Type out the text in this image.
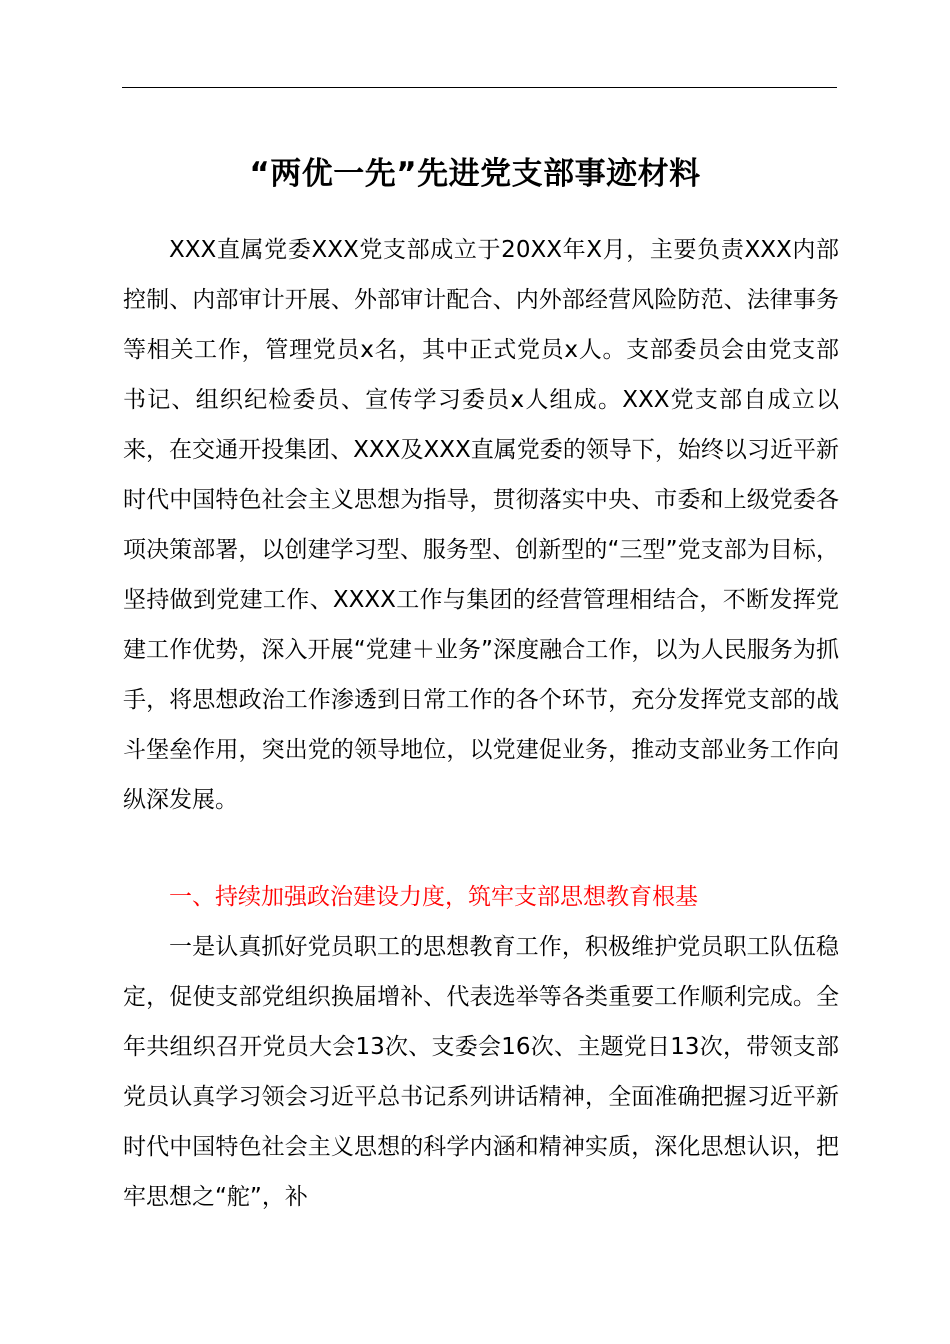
“两优一先”先进党支部事迹材料

XXX直属党委XXX党支部成立于20XX年X月，主要负责XXX内部控制、内部审计开展、外部审计配合、内外部经营风险防范、法律事务等相关工作，管理党员x名，其中正式党员x人。支部委员会由党支部书记、组织纪检委员、宣传学习委员x人组成。XXX党支部自成立以来，在交通开投集团、XXX及XXX直属党委的领导下，始终以习近平新时代中国特色社会主义思想为指导，贯彻落实中央、市委和上级党委各项决策部署，以创建学习型、服务型、创新型的“三型”党支部为目标，坚持做到党建工作、XXXX工作与集团的经营管理相结合，不断发挥党建工作优势，深入开展“党建＋业务”深度融合工作，以为人民服务为抓手，将思想政治工作渗透到日常工作的各个环节，充分发挥党支部的战斗堡垒作用，突出党的领导地位，以党建促业务，推动支部业务工作向纵深发展。

一、持续加强政治建设力度，筑牢支部思想教育根基

一是认真抓好党员职工的思想教育工作，积极维护党员职工队伍稳定，促使支部党组织换届增补、代表选举等各类重要工作顺利完成。全年共组织召开党员大会13次、支委会16次、主题党日13次，带领支部党员认真学习领会习近平总书记系列讲话精神，全面准确把握习近平新时代中国特色社会主义思想的科学内涵和精神实质，深化思想认识，把牢思想之“舵”，补
